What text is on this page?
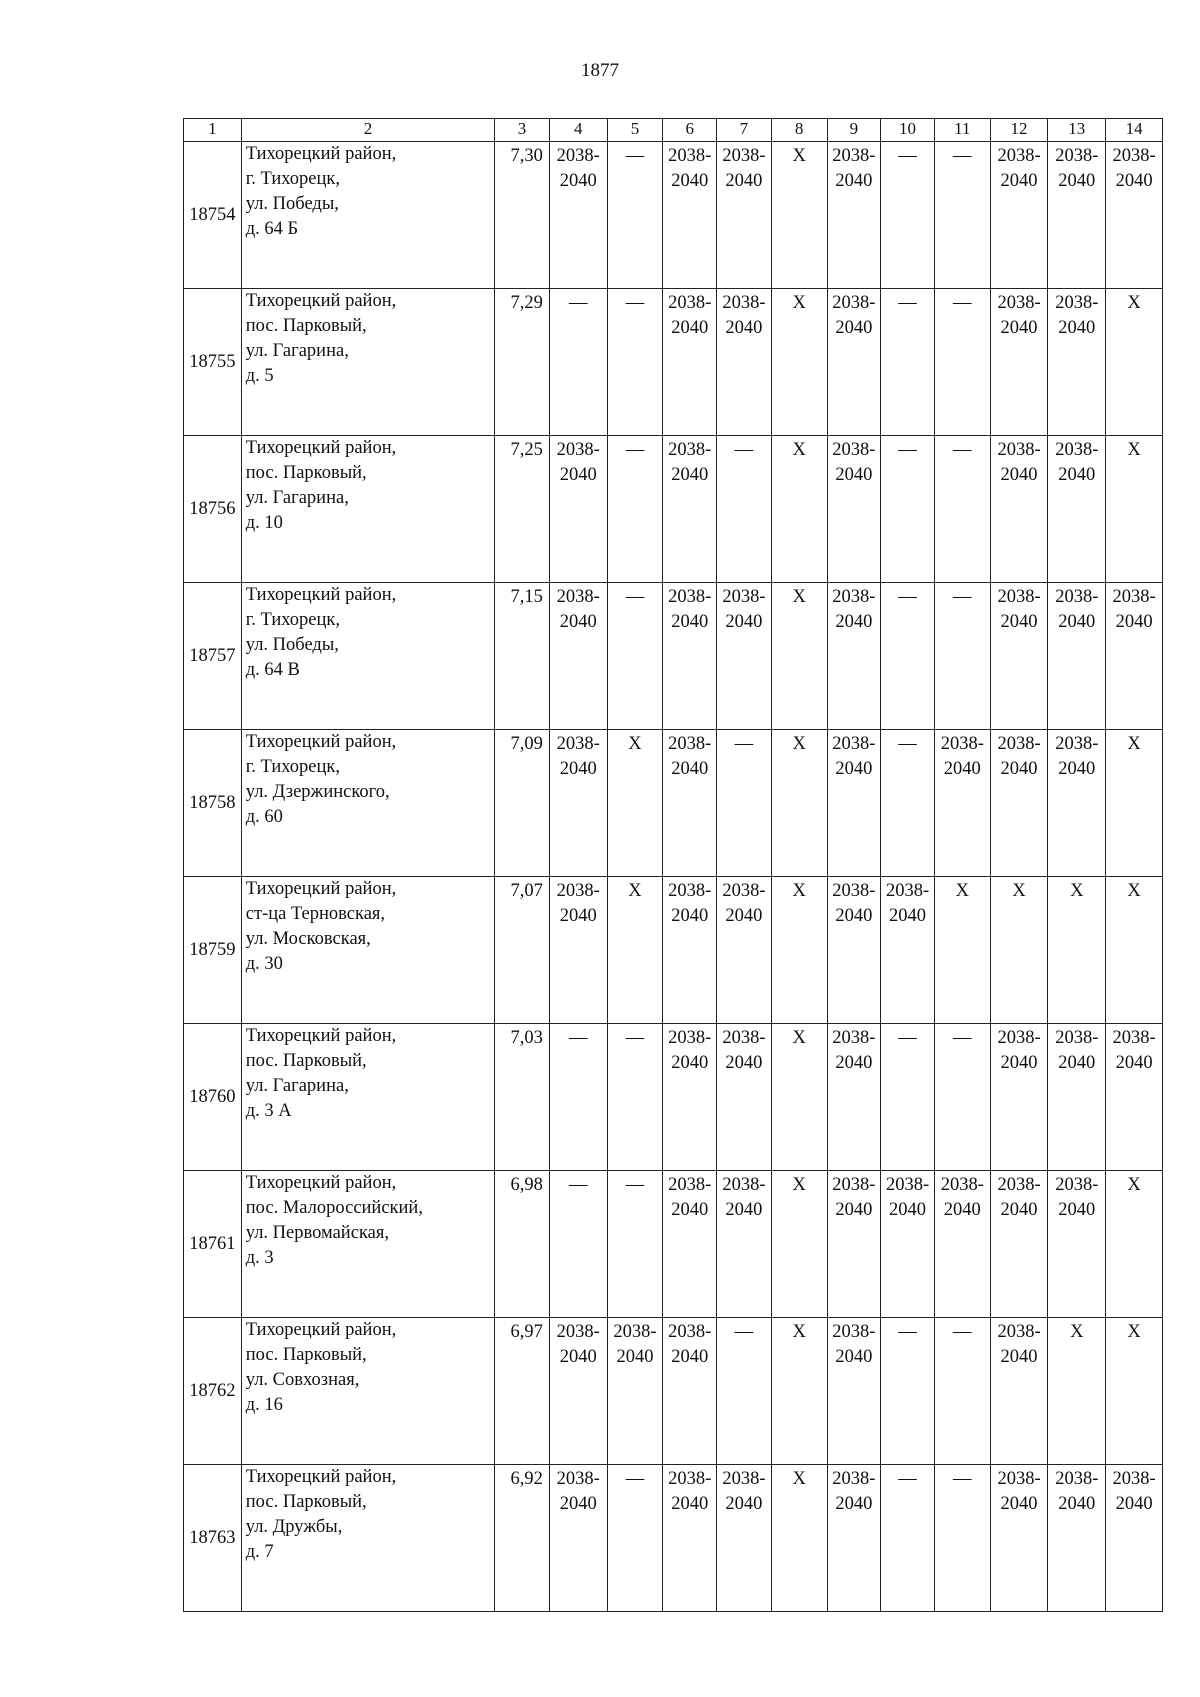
1877
1	2	3	4	5	6	7	8	9	10	11	12	13	14
18754	Тихорецкий район,
г. Тихорецк,
ул. Победы,
д. 64 Б	7,30	2038-
2040	—	2038-
2040	2038-
2040	Х	2038-
2040	—	—	2038-
2040	2038-
2040	2038-
2040
18755	Тихорецкий район,
пос. Парковый,
ул. Гагарина,
д. 5	7,29	—	—	2038-
2040	2038-
2040	Х	2038-
2040	—	—	2038-
2040	2038-
2040	Х
18756	Тихорецкий район,
пос. Парковый,
ул. Гагарина,
д. 10	7,25	2038-
2040	—	2038-
2040	—	Х	2038-
2040	—	—	2038-
2040	2038-
2040	Х
18757	Тихорецкий район,
г. Тихорецк,
ул. Победы,
д. 64 В	7,15	2038-
2040	—	2038-
2040	2038-
2040	Х	2038-
2040	—	—	2038-
2040	2038-
2040	2038-
2040
18758	Тихорецкий район,
г. Тихорецк,
ул. Дзержинского,
д. 60	7,09	2038-
2040	Х	2038-
2040	—	Х	2038-
2040	—	2038-
2040	2038-
2040	2038-
2040	Х
18759	Тихорецкий район,
ст-ца Терновская,
ул. Московская,
д. 30	7,07	2038-
2040	Х	2038-
2040	2038-
2040	Х	2038-
2040	2038-
2040	Х	Х	Х	Х
18760	Тихорецкий район,
пос. Парковый,
ул. Гагарина,
д. 3 А	7,03	—	—	2038-
2040	2038-
2040	Х	2038-
2040	—	—	2038-
2040	2038-
2040	2038-
2040
18761	Тихорецкий район,
пос. Малороссийский,
ул. Первомайская,
д. 3	6,98	—	—	2038-
2040	2038-
2040	Х	2038-
2040	2038-
2040	2038-
2040	2038-
2040	2038-
2040	Х
18762	Тихорецкий район,
пос. Парковый,
ул. Совхозная,
д. 16	6,97	2038-
2040	2038-
2040	2038-
2040	—	Х	2038-
2040	—	—	2038-
2040	Х	Х
18763	Тихорецкий район,
пос. Парковый,
ул. Дружбы,
д. 7	6,92	2038-
2040	—	2038-
2040	2038-
2040	Х	2038-
2040	—	—	2038-
2040	2038-
2040	2038-
2040
